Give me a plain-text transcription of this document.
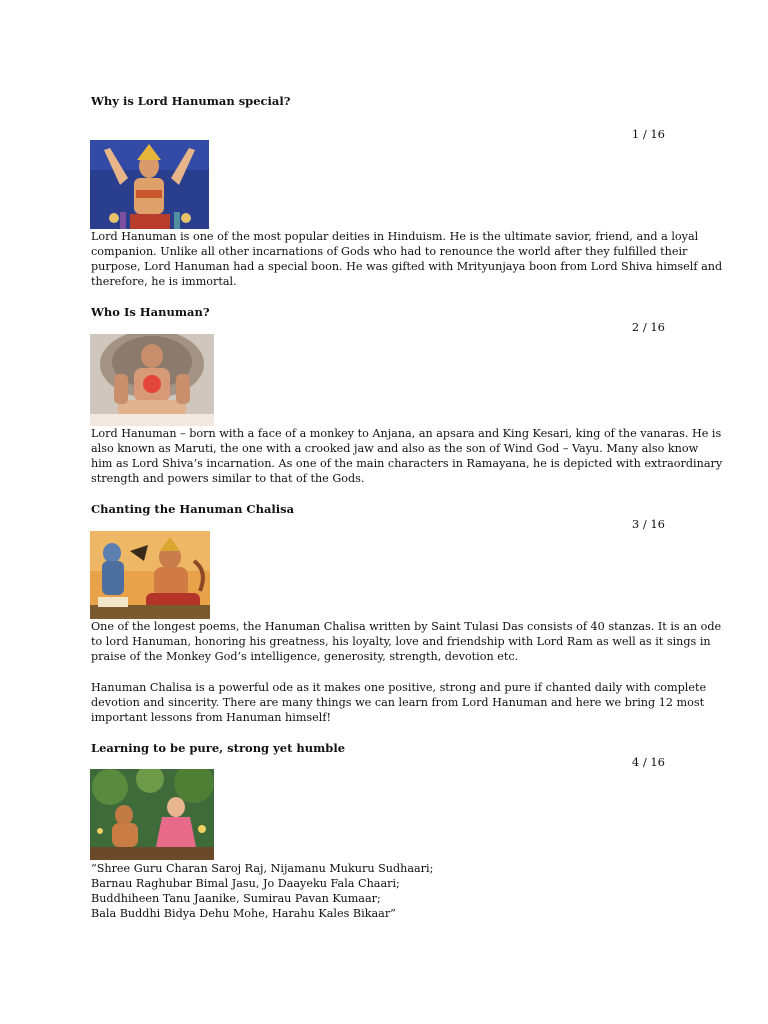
Why is Lord Hanuman special?
1 / 16
Lord Hanuman is one of the most popular deities in Hinduism. He is the ultimate savior, friend, and a loyal
companion. Unlike all other incarnations of Gods who had to renounce the world after they fulfilled their
purpose, Lord Hanuman had a special boon. He was gifted with Mrityunjaya boon from Lord Shiva himself and
therefore, he is immortal.
Who Is Hanuman?
2 / 16
Lord Hanuman – born with a face of a monkey to Anjana, an apsara and King Kesari, king of the vanaras. He is
also known as Maruti, the one with a crooked jaw and also as the son of Wind God – Vayu. Many also know
him as Lord Shiva’s incarnation. As one of the main characters in Ramayana, he is depicted with extraordinary
strength and powers similar to that of the Gods.
Chanting the Hanuman Chalisa
3 / 16
One of the longest poems, the Hanuman Chalisa written by Saint Tulasi Das consists of 40 stanzas. It is an ode
to lord Hanuman, honoring his greatness, his loyalty, love and friendship with Lord Ram as well as it sings in
praise of the Monkey God’s intelligence, generosity, strength, devotion etc.
Hanuman Chalisa is a powerful ode as it makes one positive, strong and pure if chanted daily with complete
devotion and sincerity. There are many things we can learn from Lord Hanuman and here we bring 12 most
important lessons from Hanuman himself!
Learning to be pure, strong yet humble
4 / 16
“Shree Guru Charan Saroj Raj, Nijamanu Mukuru Sudhaari;
Barnau Raghubar Bimal Jasu, Jo Daayeku Fala Chaari;
Buddhiheen Tanu Jaanike, Sumirau Pavan Kumaar;
Bala Buddhi Bidya Dehu Mohe, Harahu Kales Bikaar”
